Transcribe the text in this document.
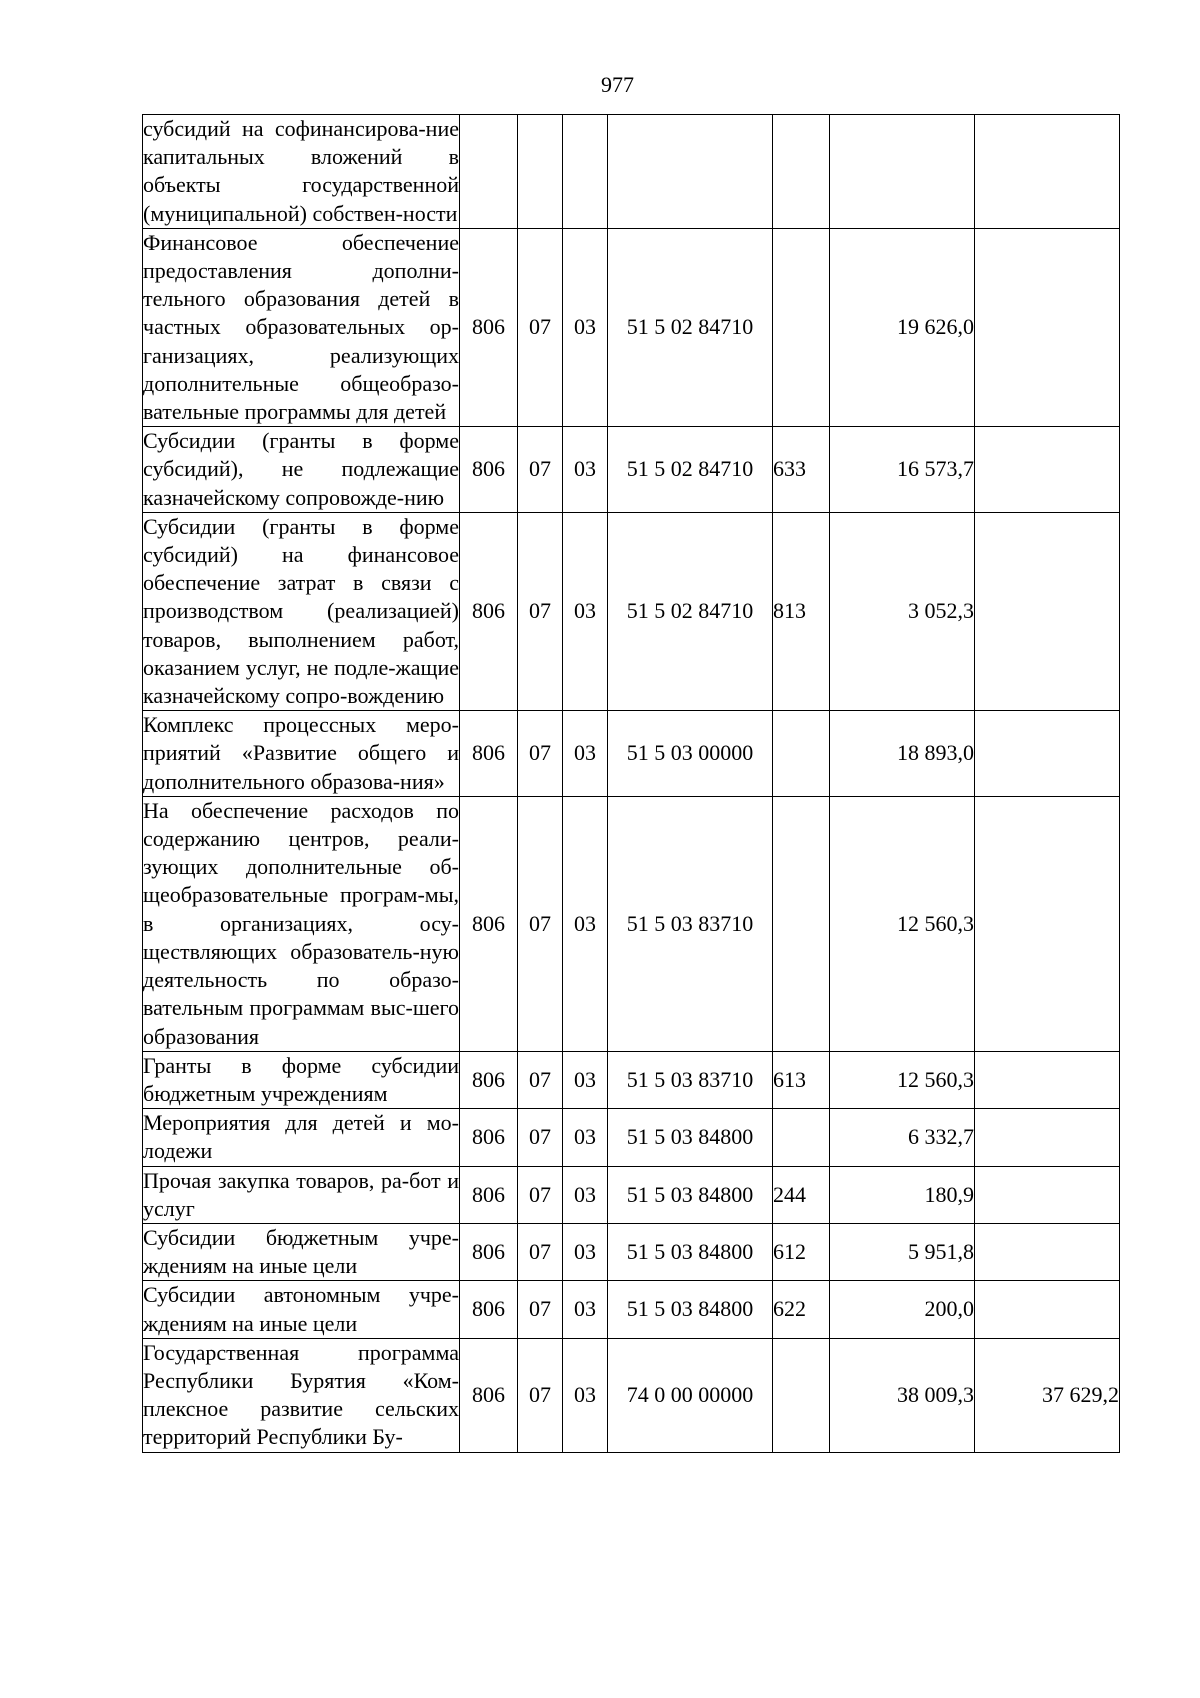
977
субсидий на софинансирова-ние капитальных вложений в объекты государственной (муниципальной) собствен-ности							
Финансовое обеспечение предоставления дополни-тельного образования детей в частных образовательных ор-ганизациях, реализующих дополнительные общеобразо-вательные программы для детей	806	07	03	51 5 02 84710		19 626,0	
Субсидии (гранты в форме субсидий), не подлежащие казначейскому сопровожде-нию	806	07	03	51 5 02 84710	633	16 573,7	
Субсидии (гранты в форме субсидий) на финансовое обеспечение затрат в связи с производством (реализацией) товаров, выполнением работ, оказанием услуг, не подле-жащие казначейскому сопро-вождению	806	07	03	51 5 02 84710	813	3 052,3	
Комплекс процессных меро-приятий «Развитие общего и дополнительного образова-ния»	806	07	03	51 5 03 00000		18 893,0	
На обеспечение расходов по содержанию центров, реали-зующих дополнительные об-щеобразовательные програм-мы, в организациях, осу-ществляющих образователь-ную деятельность по образо-вательным программам выс-шего образования	806	07	03	51 5 03 83710		12 560,3	
Гранты в форме субсидии бюджетным учреждениям	806	07	03	51 5 03 83710	613	12 560,3	
Мероприятия для детей и мо-лодежи	806	07	03	51 5 03 84800		6 332,7	
Прочая закупка товаров, ра-бот и услуг	806	07	03	51 5 03 84800	244	180,9	
Субсидии бюджетным учре-ждениям на иные цели	806	07	03	51 5 03 84800	612	5 951,8	
Субсидии автономным учре-ждениям на иные цели	806	07	03	51 5 03 84800	622	200,0	
Государственная программа Республики Бурятия «Ком-плексное развитие сельских территорий Республики Бу-	806	07	03	74 0 00 00000		38 009,3	37 629,2
